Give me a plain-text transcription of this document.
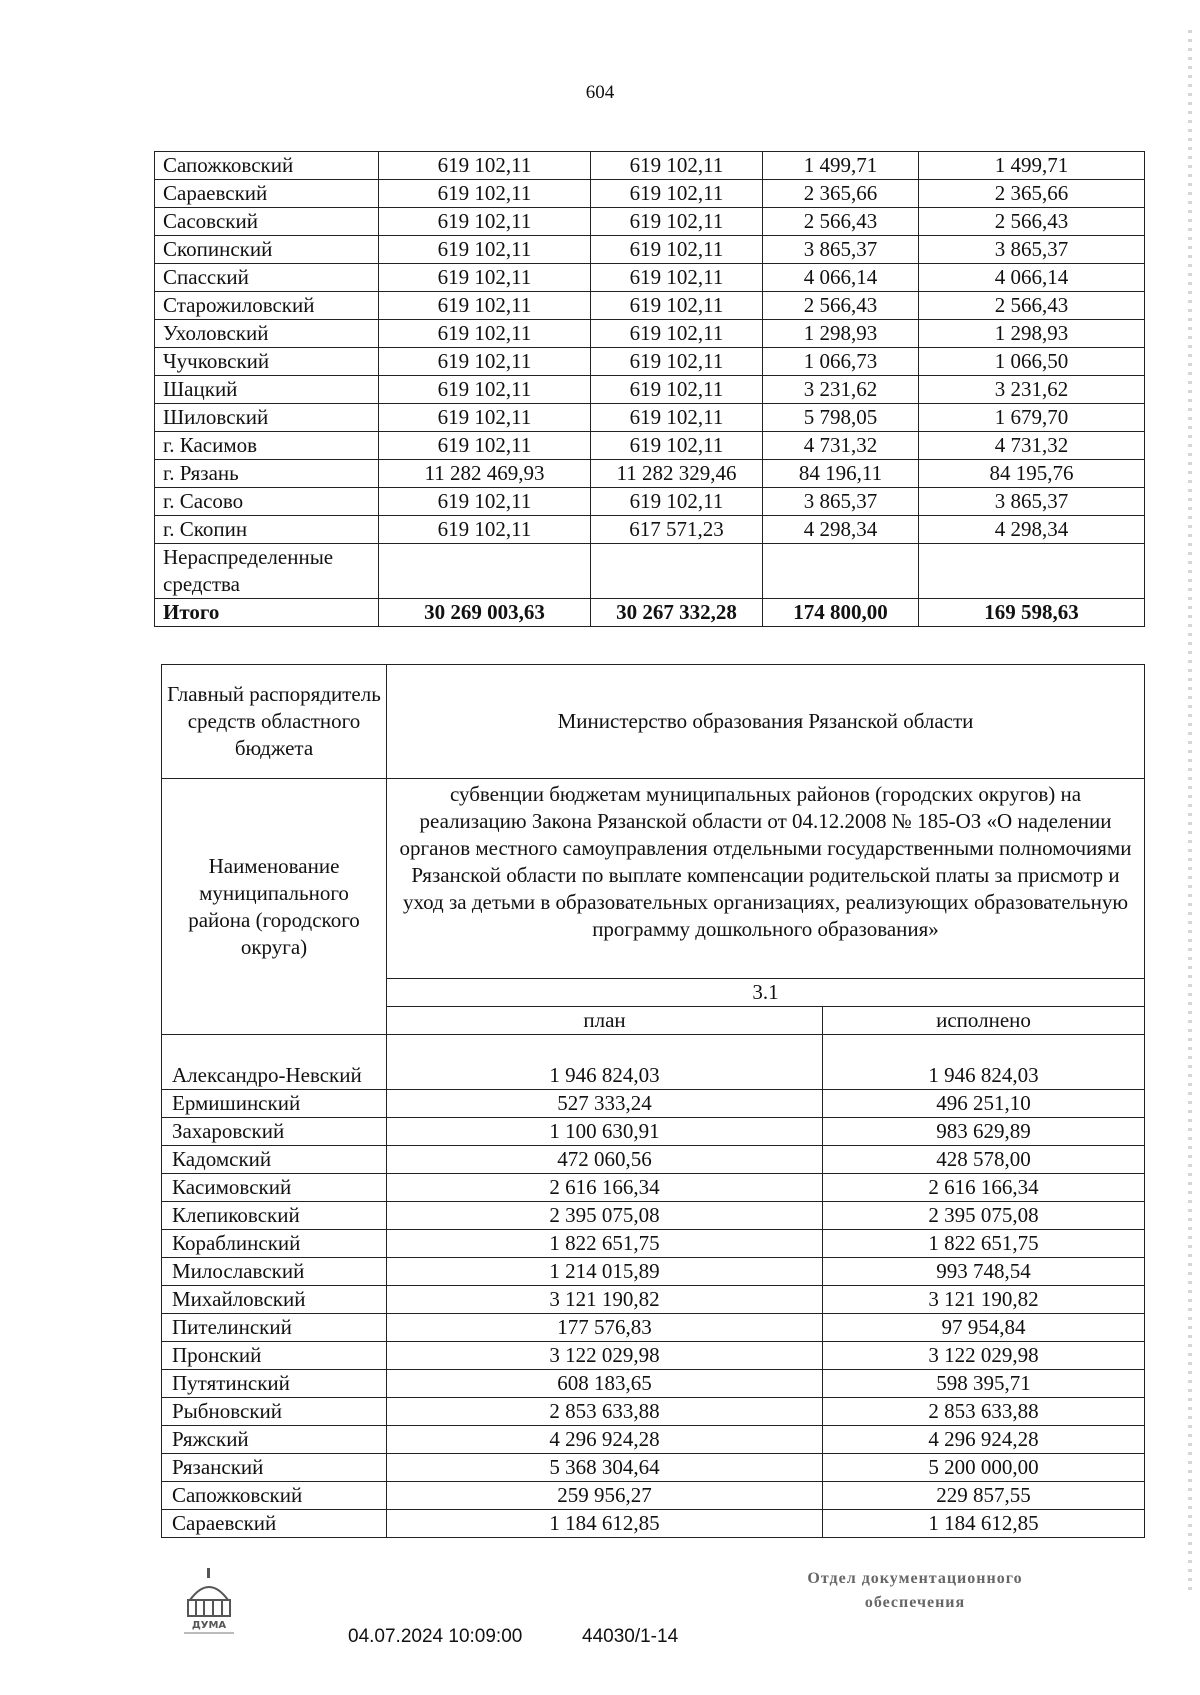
604
Сапожковский	619 102,11	619 102,11	1 499,71	1 499,71
Сараевский	619 102,11	619 102,11	2 365,66	2 365,66
Сасовский	619 102,11	619 102,11	2 566,43	2 566,43
Скопинский	619 102,11	619 102,11	3 865,37	3 865,37
Спасский	619 102,11	619 102,11	4 066,14	4 066,14
Старожиловский	619 102,11	619 102,11	2 566,43	2 566,43
Ухоловский	619 102,11	619 102,11	1 298,93	1 298,93
Чучковский	619 102,11	619 102,11	1 066,73	1 066,50
Шацкий	619 102,11	619 102,11	3 231,62	3 231,62
Шиловский	619 102,11	619 102,11	5 798,05	1 679,70
г. Касимов	619 102,11	619 102,11	4 731,32	4 731,32
г. Рязань	11 282 469,93	11 282 329,46	84 196,11	84 195,76
г. Сасово	619 102,11	619 102,11	3 865,37	3 865,37
г. Скопин	619 102,11	617 571,23	4 298,34	4 298,34
Нераспределенные средства				
Итого	30 269 003,63	30 267 332,28	174 800,00	169 598,63
Главный распорядитель средств областного бюджета	Министерство образования Рязанской области	
Наименование муниципального района (городского округа)	субвенции бюджетам муниципальных районов (городских округов) на реализацию Закона Рязанской области от 04.12.2008 № 185-ОЗ «О наделении органов местного самоуправления отдельными государственными полномочиями Рязанской области по выплате компенсации родительской платы за присмотр и уход за детьми в образовательных организациях, реализующих образовательную программу дошкольного образования»	
	3.1	
	план	исполнено
Александро-Невский	1 946 824,03	1 946 824,03
Ермишинский	527 333,24	496 251,10
Захаровский	1 100 630,91	983 629,89
Кадомский	472 060,56	428 578,00
Касимовский	2 616 166,34	2 616 166,34
Клепиковский	2 395 075,08	2 395 075,08
Кораблинский	1 822 651,75	1 822 651,75
Милославский	1 214 015,89	993 748,54
Михайловский	3 121 190,82	3 121 190,82
Пителинский	177 576,83	97 954,84
Пронский	3 122 029,98	3 122 029,98
Путятинский	608 183,65	598 395,71
Рыбновский	2 853 633,88	2 853 633,88
Ряжский	4 296 924,28	4 296 924,28
Рязанский	5 368 304,64	5 200 000,00
Сапожковский	259 956,27	229 857,55
Сараевский	1 184 612,85	1 184 612,85
ДУМА
04.07.2024 10:09:00	44030/1-14
Отдел документационного обеспечения
